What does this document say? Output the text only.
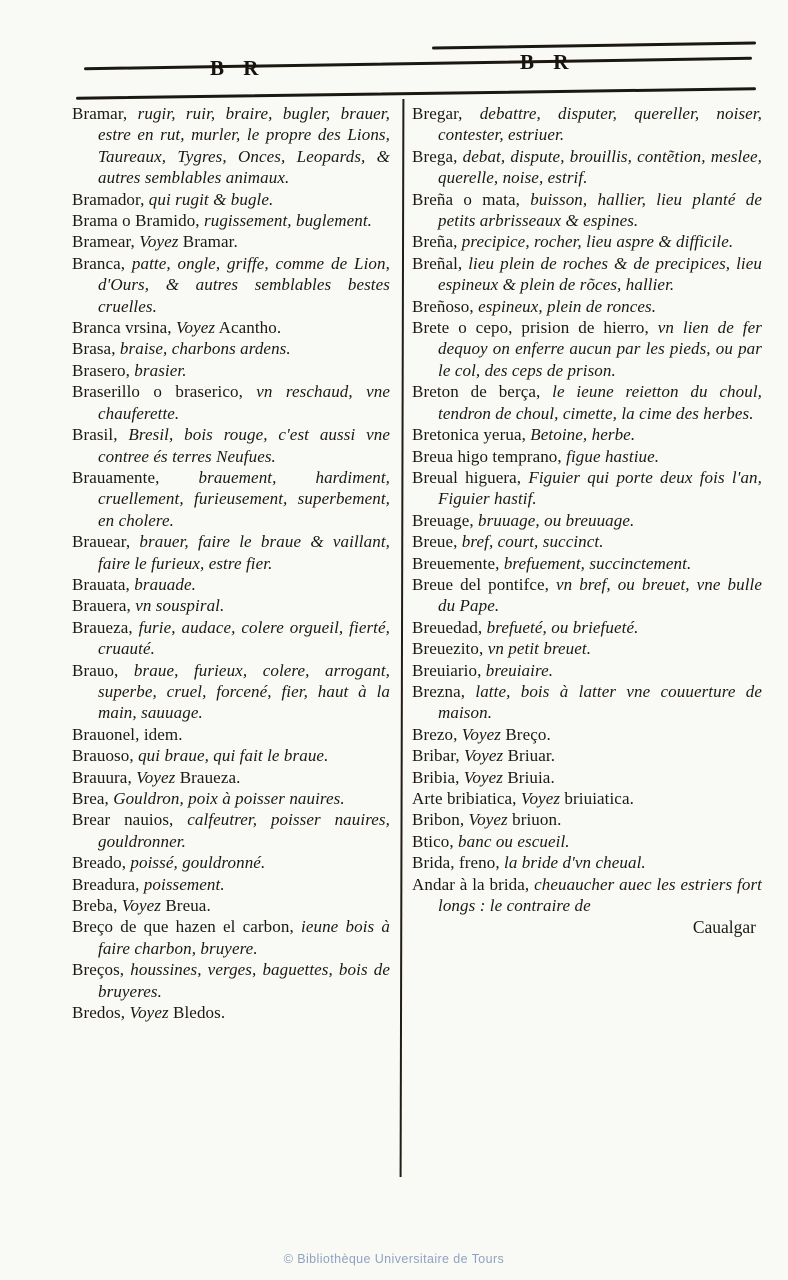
B R	B R
Bramar, rugir, ruir, braire, bugler, brauer, estre en rut, murler, le propre des Lions, Taureaux, Tygres, Onces, Leopards, & autres semblables animaux.
Bramador, qui rugit & bugle.
Brama o Bramido, rugissement, buglement.
Bramear, Voyez Bramar.
Branca, patte, ongle, griffe, comme de Lion, d'Ours, & autres semblables bestes cruelles.
Branca vrsina, Voyez Acantho.
Brasa, braise, charbons ardens.
Brasero, brasier.
Braserillo o braserico, vn reschaud, vne chauferette.
Brasil, Bresil, bois rouge, c'est aussi vne contree és terres Neufues.
Brauamente, brauement, hardiment, cruellement, furieusement, superbement, en cholere.
Brauear, brauer, faire le braue & vaillant, faire le furieux, estre fier.
Brauata, brauade.
Brauera, vn souspiral.
Braueza, furie, audace, colere orgueil, fierté, cruauté.
Brauo, braue, furieux, colere, arrogant, superbe, cruel, forcené, fier, haut à la main, sauuage.
Brauonel, idem.
Brauoso, qui braue, qui fait le braue.
Brauura, Voyez Braueza.
Brea, Gouldron, poix à poisser nauires.
Brear nauios, calfeutrer, poisser nauires, gouldronner.
Breado, poissé, gouldronné.
Breadura, poissement.
Breba, Voyez Breua.
Breço de que hazen el carbon, ieune bois à faire charbon, bruyere.
Breços, houssines, verges, baguettes, bois de bruyeres.
Bredos, Voyez Bledos.
Bregar, debattre, disputer, quereller, noiser, contester, estriuer.
Brega, debat, dispute, brouillis, contẽtion, meslee, querelle, noise, estrif.
Breña o mata, buisson, hallier, lieu planté de petits arbrisseaux & espines.
Breña, precipice, rocher, lieu aspre & difficile.
Breñal, lieu plein de roches & de precipices, lieu espineux & plein de rõces, hallier.
Breñoso, espineux, plein de ronces.
Brete o cepo, prision de hierro, vn lien de fer dequoy on enferre aucun par les pieds, ou par le col, des ceps de prison.
Breton de berça, le ieune reietton du choul, tendron de choul, cimette, la cime des herbes.
Bretonica yerua, Betoine, herbe.
Breua higo temprano, figue hastiue.
Breual higuera, Figuier qui porte deux fois l'an, Figuier hastif.
Breuage, bruuage, ou breuuage.
Breue, bref, court, succinct.
Breuemente, brefuement, succinctement.
Breue del pontifce, vn bref, ou breuet, vne bulle du Pape.
Breuedad, brefueté, ou briefueté.
Breuezito, vn petit breuet.
Breuiario, breuiaire.
Brezna, latte, bois à latter vne couuerture de maison.
Brezo, Voyez Breço.
Bribar, Voyez Briuar.
Bribia, Voyez Briuia.
Arte bribiatica, Voyez briuiatica.
Bribon, Voyez briuon.
Btico, banc ou escueil.
Brida, freno, la bride d'vn cheual.
Andar à la brida, cheuaucher auec les estriers fort longs : le contraire de
Caualgar
© Bibliothèque Universitaire de Tours
